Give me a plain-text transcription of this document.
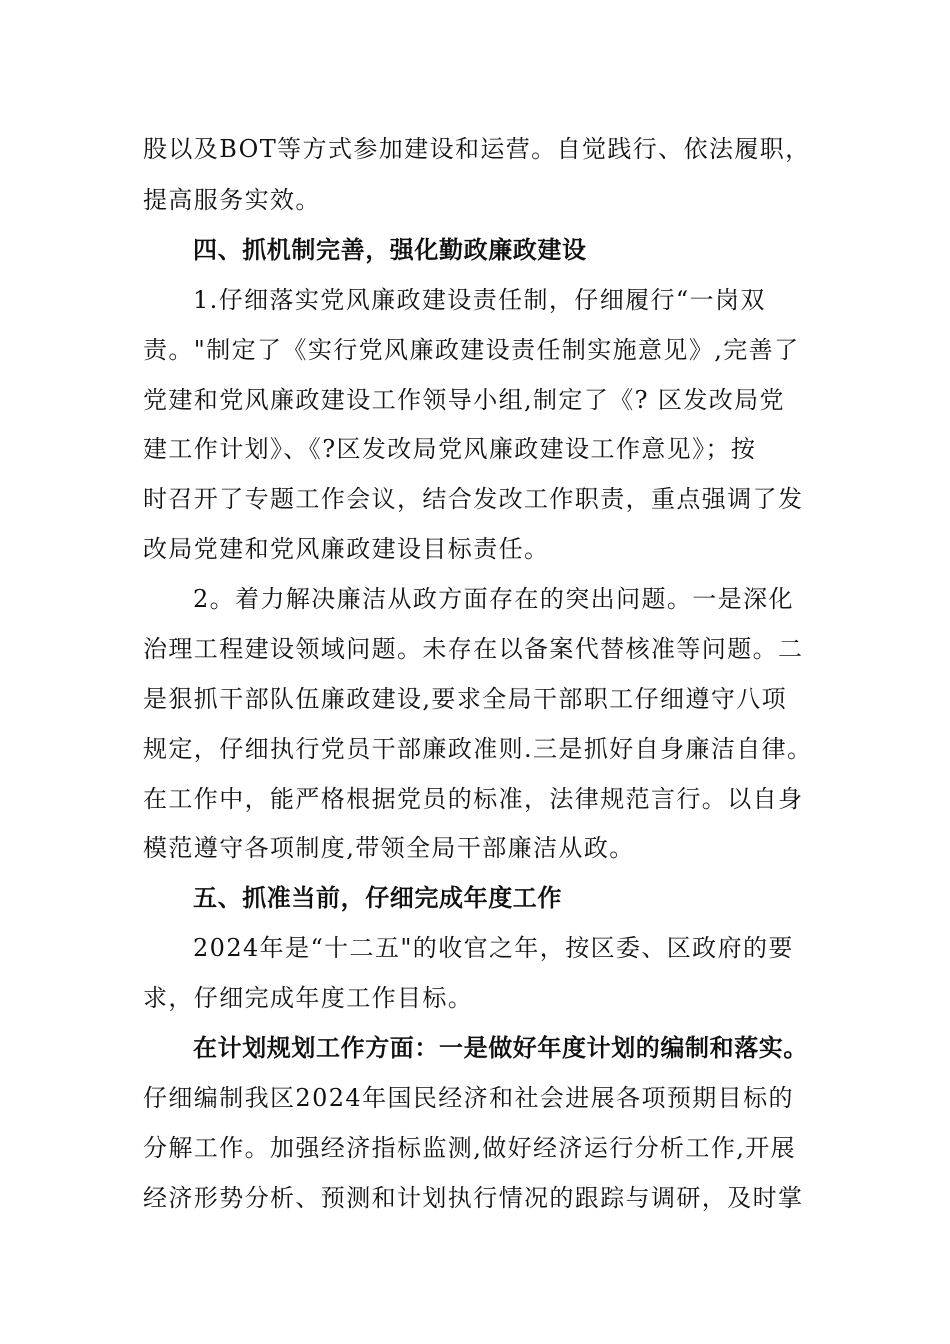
股以及BOT等方式参加建设和运营。自觉践行、依法履职，
提高服务实效。
四、抓机制完善，强化勤政廉政建设
1.仔细落实党风廉政建设责任制，仔细履行“一岗双
责。"制定了《实行党风廉政建设责任制实施意见》,完善了
党建和党风廉政建设工作领导小组,制定了《? 区发改局党
建工作计划》、《?区发改局党风廉政建设工作意见》；按
时召开了专题工作会议，结合发改工作职责，重点强调了发
改局党建和党风廉政建设目标责任。
2。着力解决廉洁从政方面存在的突出问题。一是深化
治理工程建设领域问题。未存在以备案代替核准等问题。二
是狠抓干部队伍廉政建设,要求全局干部职工仔细遵守八项
规定，仔细执行党员干部廉政准则.三是抓好自身廉洁自律。
在工作中，能严格根据党员的标准，法律规范言行。以自身
模范遵守各项制度,带领全局干部廉洁从政。
五、抓准当前，仔细完成年度工作
2024年是“十二五"的收官之年，按区委、区政府的要
求，仔细完成年度工作目标。
在计划规划工作方面：一是做好年度计划的编制和落实。
仔细编制我区2024年国民经济和社会进展各项预期目标的
分解工作。加强经济指标监测,做好经济运行分析工作,开展
经济形势分析、预测和计划执行情况的跟踪与调研，及时掌
